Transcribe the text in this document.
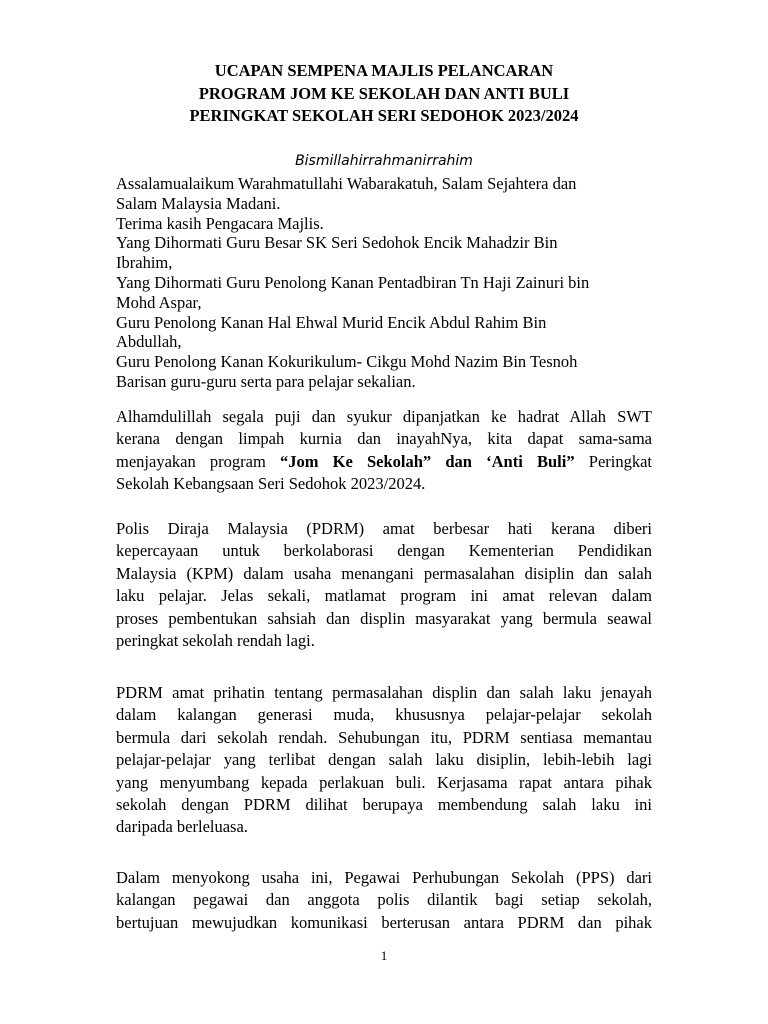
UCAPAN SEMPENA MAJLIS PELANCARAN
PROGRAM JOM KE SEKOLAH DAN ANTI BULI
PERINGKAT SEKOLAH SERI SEDOHOK 2023/2024
Bismillahirrahmanirrahim
Assalamualaikum Warahmatullahi Wabarakatuh, Salam Sejahtera dan
Salam Malaysia Madani.
Terima kasih Pengacara Majlis.
Yang Dihormati Guru Besar SK Seri Sedohok Encik Mahadzir Bin
Ibrahim,
Yang Dihormati Guru Penolong Kanan Pentadbiran Tn Haji Zainuri bin
Mohd Aspar,
Guru Penolong Kanan Hal Ehwal Murid Encik Abdul Rahim Bin
Abdullah,
Guru Penolong Kanan Kokurikulum- Cikgu Mohd Nazim Bin Tesnoh
Barisan guru-guru serta para pelajar sekalian.
Alhamdulillah segala puji dan syukur dipanjatkan ke hadrat Allah SWT
kerana dengan limpah kurnia dan inayahNya, kita dapat sama-sama
menjayakan program “Jom Ke Sekolah” dan ‘Anti Buli” Peringkat
Sekolah Kebangsaan Seri Sedohok 2023/2024.
Polis Diraja Malaysia (PDRM) amat berbesar hati kerana diberi
kepercayaan untuk berkolaborasi dengan Kementerian Pendidikan
Malaysia (KPM) dalam usaha menangani permasalahan disiplin dan salah
laku pelajar. Jelas sekali, matlamat program ini amat relevan dalam
proses pembentukan sahsiah dan displin masyarakat yang bermula seawal
peringkat sekolah rendah lagi.
PDRM amat prihatin tentang permasalahan displin dan salah laku jenayah
dalam kalangan generasi muda, khususnya pelajar-pelajar sekolah
bermula dari sekolah rendah. Sehubungan itu, PDRM sentiasa memantau
pelajar-pelajar yang terlibat dengan salah laku disiplin, lebih-lebih lagi
yang menyumbang kepada perlakuan buli. Kerjasama rapat antara pihak
sekolah dengan PDRM dilihat berupaya membendung salah laku ini
daripada berleluasa.
Dalam menyokong usaha ini, Pegawai Perhubungan Sekolah (PPS) dari
kalangan pegawai dan anggota polis dilantik bagi setiap sekolah,
bertujuan mewujudkan komunikasi berterusan antara PDRM dan pihak
1
